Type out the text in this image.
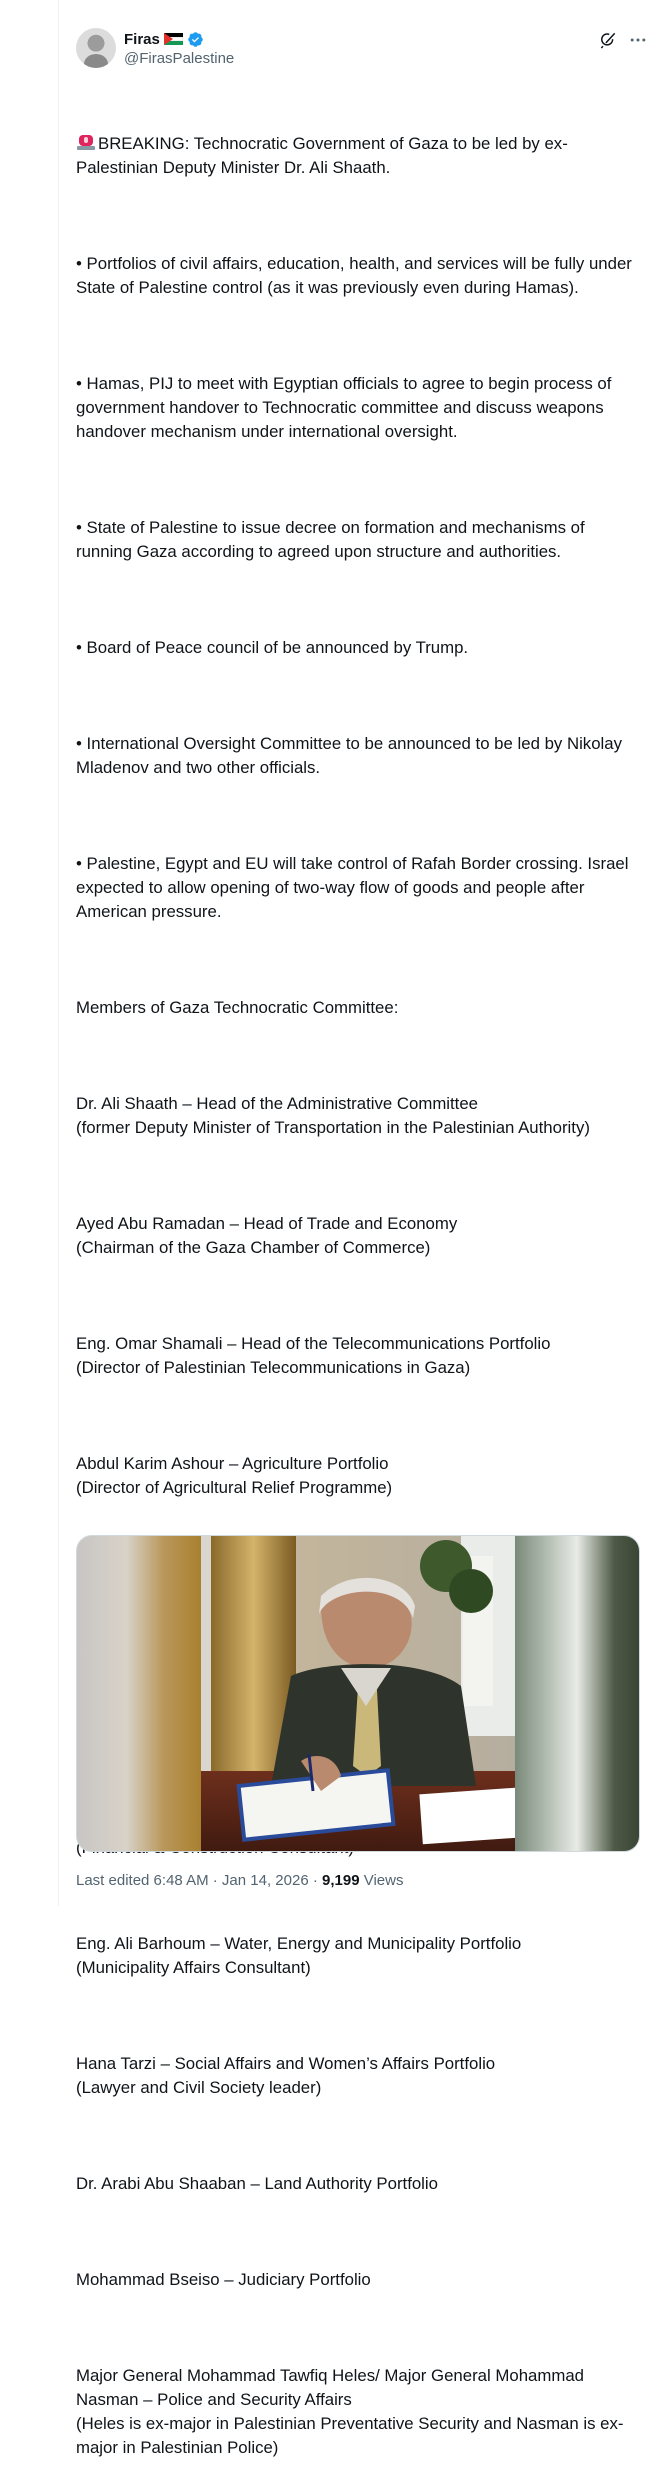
Firas
@FirasPalestine

BREAKING: Technocratic Government of Gaza to be led by ex-Palestinian Deputy Minister Dr. Ali Shaath.

• Portfolios of civil affairs, education, health, and services will be fully under State of Palestine control (as it was previously even during Hamas).

• Hamas, PIJ to meet with Egyptian officials to agree to begin process of government handover to Technocratic committee and discuss weapons handover mechanism under international oversight.

• State of Palestine to issue decree on formation and mechanisms of running Gaza according to agreed upon structure and authorities.

• Board of Peace council of be announced by Trump.

• International Oversight Committee to be announced to be led by Nikolay Mladenov and two other officials.

• Palestine, Egypt and EU will take control of Rafah Border crossing. Israel expected to allow opening of two-way flow of goods and people after American pressure.

Members of Gaza Technocratic Committee:

Dr. Ali Shaath – Head of the Administrative Committee
(former Deputy Minister of Transportation in the Palestinian Authority)

Ayed Abu Ramadan – Head of Trade and Economy
(Chairman of the Gaza Chamber of Commerce)

Eng. Omar Shamali – Head of the Telecommunications Portfolio
(Director of Palestinian Telecommunications in Gaza)

Abdul Karim Ashour – Agriculture Portfolio
(Director of Agricultural Relief Programme)

Eng. Ali Barhoum – Water, Energy and Municipality Portfolio
(Municipality Affairs Consultant)

Hana Tarzi – Social Affairs and Women’s Affairs Portfolio
(Lawyer and Civil Society leader)

Dr. Arabi Abu Shaaban – Land Authority Portfolio

Mohammad Bseiso – Judiciary Portfolio

Major General Mohammad Tawfiq Heles/ Major General Mohammad Nasman – Police and Security Affairs
(Heles is ex-major in Palestinian Preventative Security and Nasman is ex-major in Palestinian Police)

Last edited 6:48 AM · Jan 14, 2026 · 9,199 Views
